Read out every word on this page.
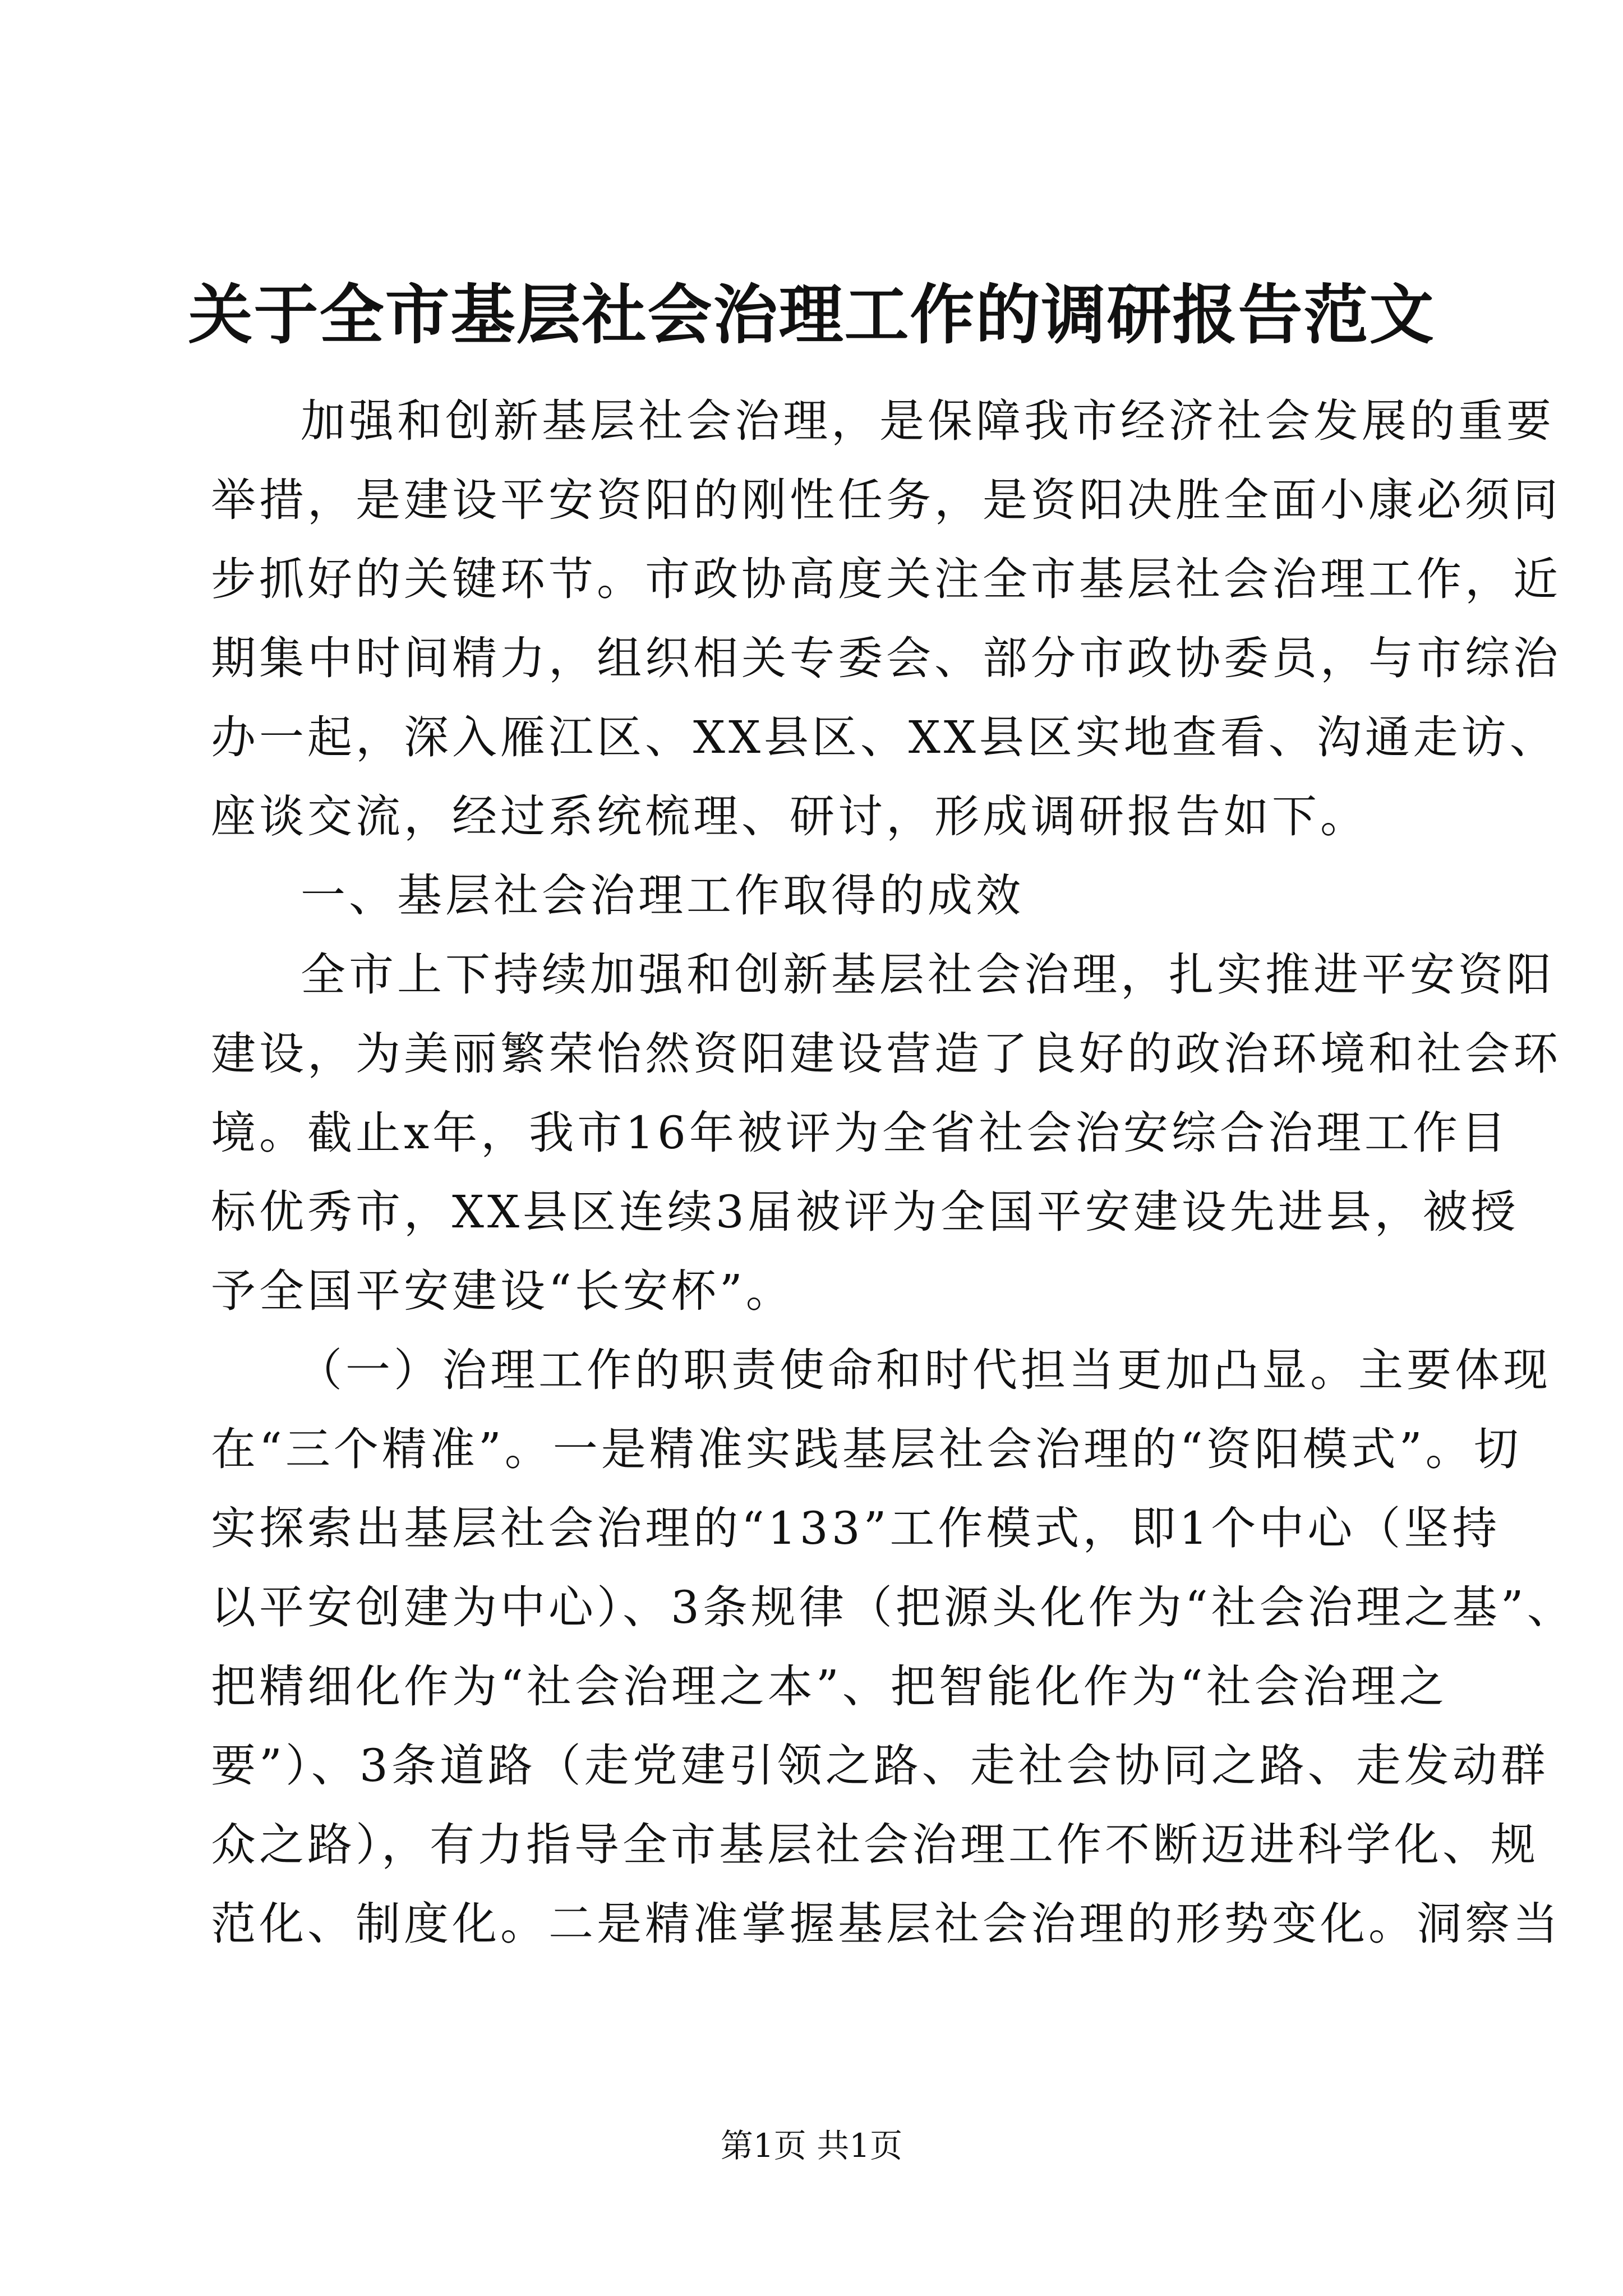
关于全市基层社会治理工作的调研报告范文
加强和创新基层社会治理，是保障我市经济社会发展的重要
举措，是建设平安资阳的刚性任务，是资阳决胜全面小康必须同
步抓好的关键环节。市政协高度关注全市基层社会治理工作，近
期集中时间精力，组织相关专委会、部分市政协委员，与市综治
办一起，深入雁江区、XX县区、XX县区实地查看、沟通走访、
座谈交流，经过系统梳理、研讨，形成调研报告如下。
一、基层社会治理工作取得的成效
全市上下持续加强和创新基层社会治理，扎实推进平安资阳
建设，为美丽繁荣怡然资阳建设营造了良好的政治环境和社会环
境。截止x年，我市16年被评为全省社会治安综合治理工作目
标优秀市，XX县区连续3届被评为全国平安建设先进县，被授
予全国平安建设“长安杯”。
（一）治理工作的职责使命和时代担当更加凸显。主要体现
在“三个精准”。一是精准实践基层社会治理的“资阳模式”。切
实探索出基层社会治理的“133”工作模式，即1个中心（坚持
以平安创建为中心）、3条规律（把源头化作为“社会治理之基”、
把精细化作为“社会治理之本”、把智能化作为“社会治理之
要”）、3条道路（走党建引领之路、走社会协同之路、走发动群
众之路），有力指导全市基层社会治理工作不断迈进科学化、规
范化、制度化。二是精准掌握基层社会治理的形势变化。洞察当
第1页 共1页
